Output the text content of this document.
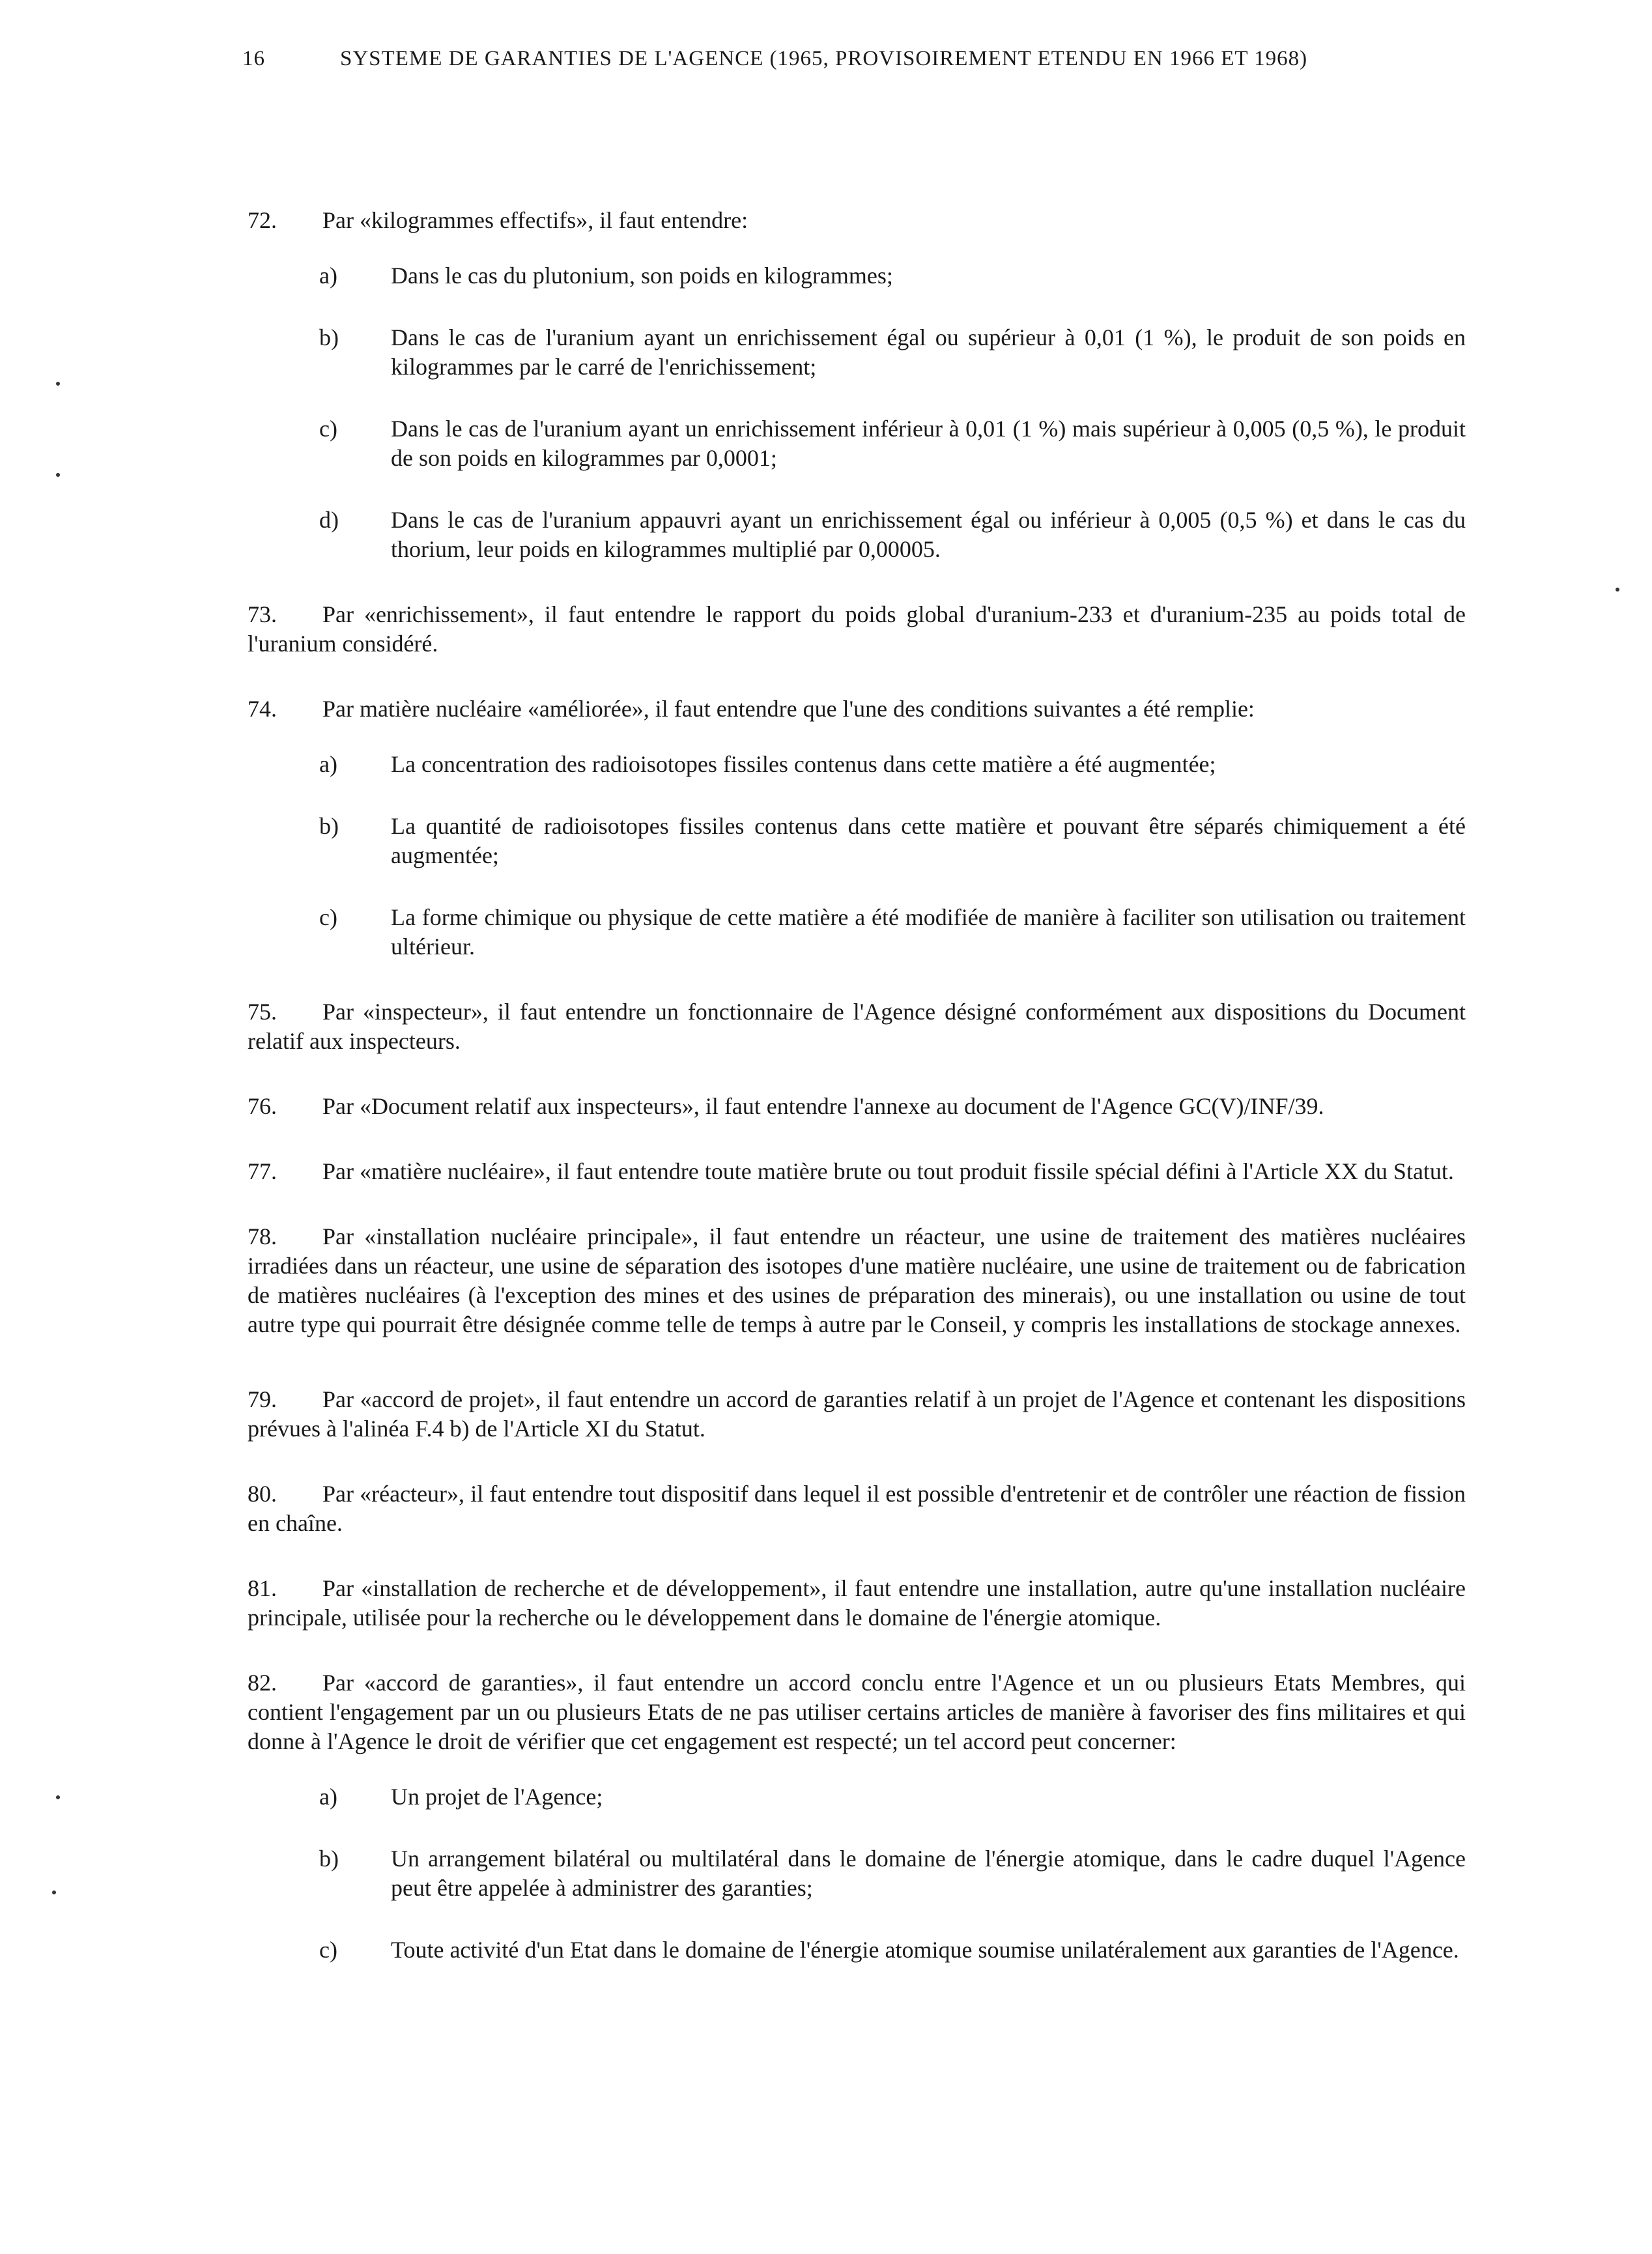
16	SYSTEME DE GARANTIES DE L'AGENCE (1965, PROVISOIREMENT ETENDU EN 1966 ET 1968)

72. Par «kilogrammes effectifs», il faut entendre:

a)	Dans le cas du plutonium, son poids en kilogrammes;
b)	Dans le cas de l'uranium ayant un enrichissement égal ou supérieur à 0,01 (1 %), le produit de son poids en kilogrammes par le carré de l'enrichissement;
c)	Dans le cas de l'uranium ayant un enrichissement inférieur à 0,01 (1 %) mais supérieur à 0,005 (0,5 %), le produit de son poids en kilogrammes par 0,0001;
d)	Dans le cas de l'uranium appauvri ayant un enrichissement égal ou inférieur à 0,005 (0,5 %) et dans le cas du thorium, leur poids en kilogrammes multiplié par 0,00005.

73. Par «enrichissement», il faut entendre le rapport du poids global d'uranium-233 et d'uranium-235 au poids total de l'uranium considéré.

74. Par matière nucléaire «améliorée», il faut entendre que l'une des conditions suivantes a été remplie:

a)	La concentration des radioisotopes fissiles contenus dans cette matière a été augmentée;
b)	La quantité de radioisotopes fissiles contenus dans cette matière et pouvant être séparés chimiquement a été augmentée;
c)	La forme chimique ou physique de cette matière a été modifiée de manière à faciliter son utilisation ou traitement ultérieur.

75. Par «inspecteur», il faut entendre un fonctionnaire de l'Agence désigné conformément aux dispositions du Document relatif aux inspecteurs.

76. Par «Document relatif aux inspecteurs», il faut entendre l'annexe au document de l'Agence GC(V)/INF/39.

77. Par «matière nucléaire», il faut entendre toute matière brute ou tout produit fissile spécial défini à l'Article XX du Statut.

78. Par «installation nucléaire principale», il faut entendre un réacteur, une usine de traitement des matières nucléaires irradiées dans un réacteur, une usine de séparation des isotopes d'une matière nucléaire, une usine de traitement ou de fabrication de matières nucléaires (à l'exception des mines et des usines de préparation des minerais), ou une installation ou usine de tout autre type qui pourrait être désignée comme telle de temps à autre par le Conseil, y compris les installations de stockage annexes.

79. Par «accord de projet», il faut entendre un accord de garanties relatif à un projet de l'Agence et contenant les dispositions prévues à l'alinéa F.4 b) de l'Article XI du Statut.

80. Par «réacteur», il faut entendre tout dispositif dans lequel il est possible d'entretenir et de contrôler une réaction de fission en chaîne.

81. Par «installation de recherche et de développement», il faut entendre une installation, autre qu'une installation nucléaire principale, utilisée pour la recherche ou le développement dans le domaine de l'énergie atomique.

82. Par «accord de garanties», il faut entendre un accord conclu entre l'Agence et un ou plusieurs Etats Membres, qui contient l'engagement par un ou plusieurs Etats de ne pas utiliser certains articles de manière à favoriser des fins militaires et qui donne à l'Agence le droit de vérifier que cet engagement est respecté; un tel accord peut concerner:

a)	Un projet de l'Agence;
b)	Un arrangement bilatéral ou multilatéral dans le domaine de l'énergie atomique, dans le cadre duquel l'Agence peut être appelée à administrer des garanties;
c)	Toute activité d'un Etat dans le domaine de l'énergie atomique soumise unilatéralement aux garanties de l'Agence.
